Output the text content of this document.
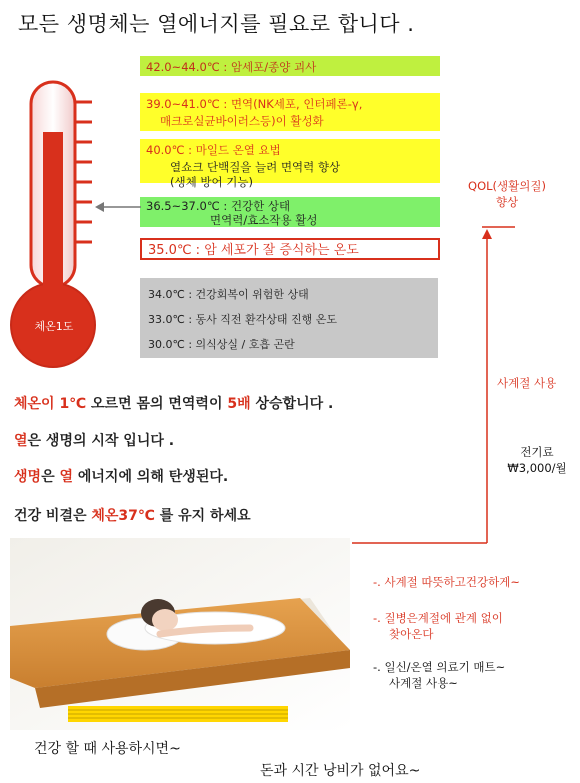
모든 생명체는 열에너지를 필요로 합니다 .
체온1도
42.0~44.0℃ : 암세포/종양 괴사
39.0~41.0℃ : 면역(NK세포, 인터페론-γ,

매크로실균바이러스등)이 활성화
40.0℃ : 마일드 온열 요법

열쇼크 단백질을 늘려 면역력 향상
(생체 방어 기능)
36.5~37.0℃ : 건강한 상태

면역력/효소작용 활성
35.0℃ : 암 세포가 잘 증식하는 온도
34.0℃ : 건강회복이 위험한 상태
33.0℃ : 동사 직전 환각상태 진행 온도
30.0℃ : 의식상실 / 호흡 곤란
QOL(생활의질)
향상
사계절 사용
전기료
₩3,000/월
체온이 1℃ 오르면 몸의 면역력이 5배 상승합니다 .
열은 생명의 시작 입니다 .
생명은 열 에너지에 의해 탄생된다.
건강 비결은 체온37℃ 를 유지 하세요
-. 사계절 따뜻하고건강하게~
-. 질병은계절에 관계 없이
찾아온다
-. 일신/온열 의료기 매트~
사계절 사용~
건강 할 때 사용하시면~
돈과 시간 낭비가 없어요~
